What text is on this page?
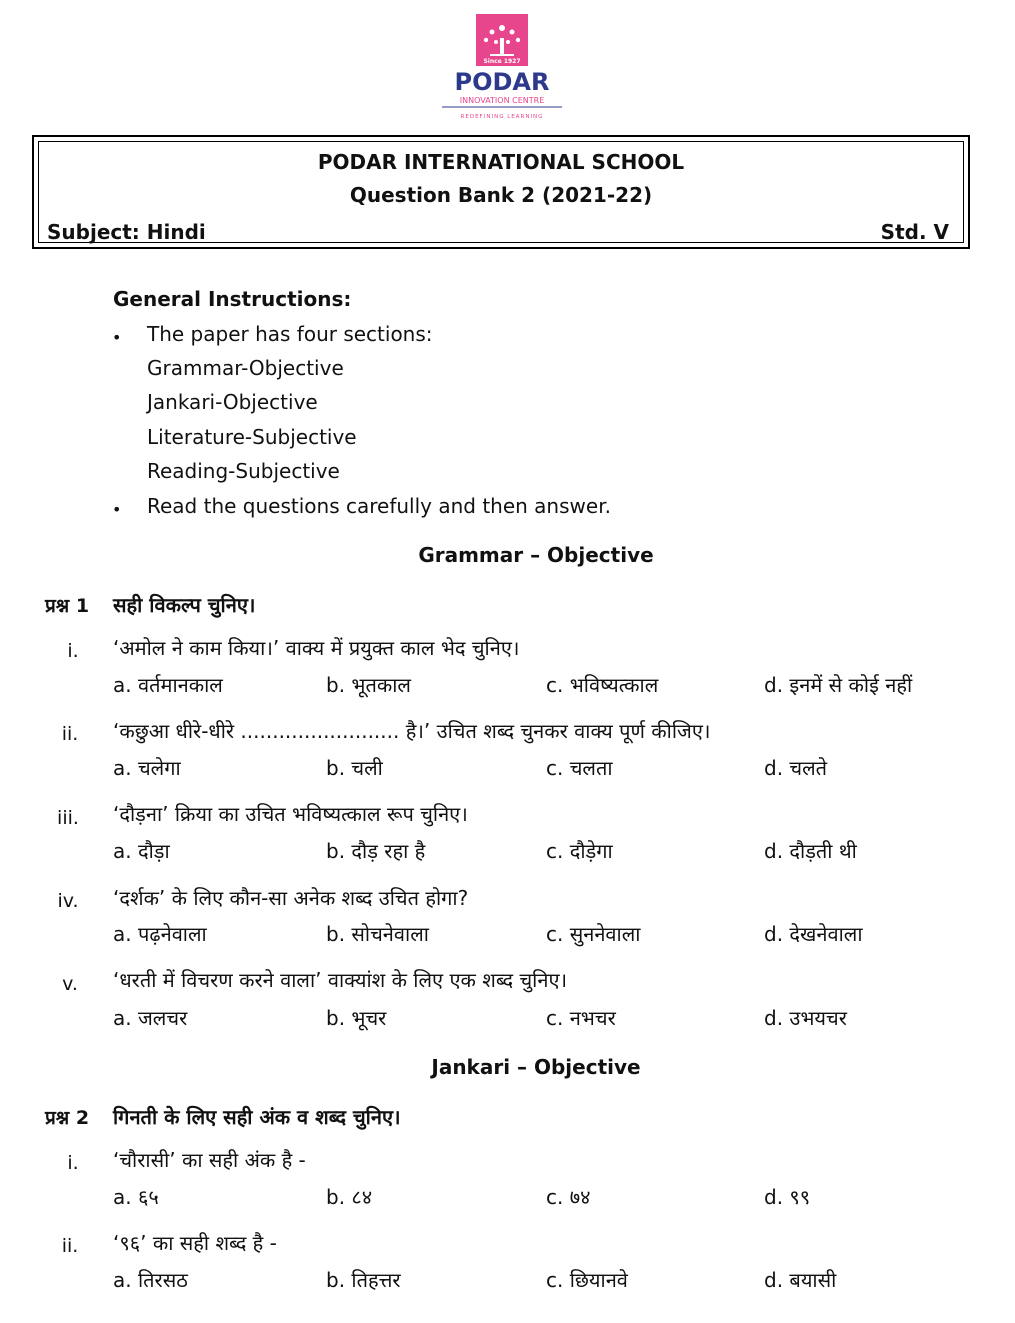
Since 1927
PODAR
INNOVATION CENTRE
REDEFINING LEARNING
PODAR INTERNATIONAL SCHOOL
Question Bank 2 (2021-22)
Subject: Hindi	Std. V
General Instructions:
• The paper has four sections:
Grammar-Objective
Jankari-Objective
Literature-Subjective
Reading-Subjective
• Read the questions carefully and then answer.
Grammar – Objective
प्रश्न 1 सही विकल्प चुनिए।
i.	‘अमोल ने काम किया।’ वाक्य में प्रयुक्त काल भेद चुनिए।
a. वर्तमानकाल	b. भूतकाल	c. भविष्यत्काल	d. इनमें से कोई नहीं
ii.	‘कछुआ धीरे-धीरे ......................... है।’ उचित शब्द चुनकर वाक्य पूर्ण कीजिए।
a. चलेगा	b. चली	c. चलता	d. चलते
iii.	‘दौड़ना’ क्रिया का उचित भविष्यत्काल रूप चुनिए।
a. दौड़ा	b. दौड़ रहा है	c. दौड़ेगा	d. दौड़ती थी
iv.	‘दर्शक’ के लिए कौन-सा अनेक शब्द उचित होगा?
a. पढ़नेवाला	b. सोचनेवाला	c. सुननेवाला	d. देखनेवाला
v.	‘धरती में विचरण करने वाला’ वाक्यांश के लिए एक शब्द चुनिए।
a. जलचर	b. भूचर	c. नभचर	d. उभयचर
Jankari – Objective
प्रश्न 2 गिनती के लिए सही अंक व शब्द चुनिए।
i.	‘चौरासी’ का सही अंक है -
a. ६५	b. ८४	c. ७४	d. ९९
ii.	‘९६’ का सही शब्द है -
a. तिरसठ	b. तिहत्तर	c. छियानवे	d. बयासी
